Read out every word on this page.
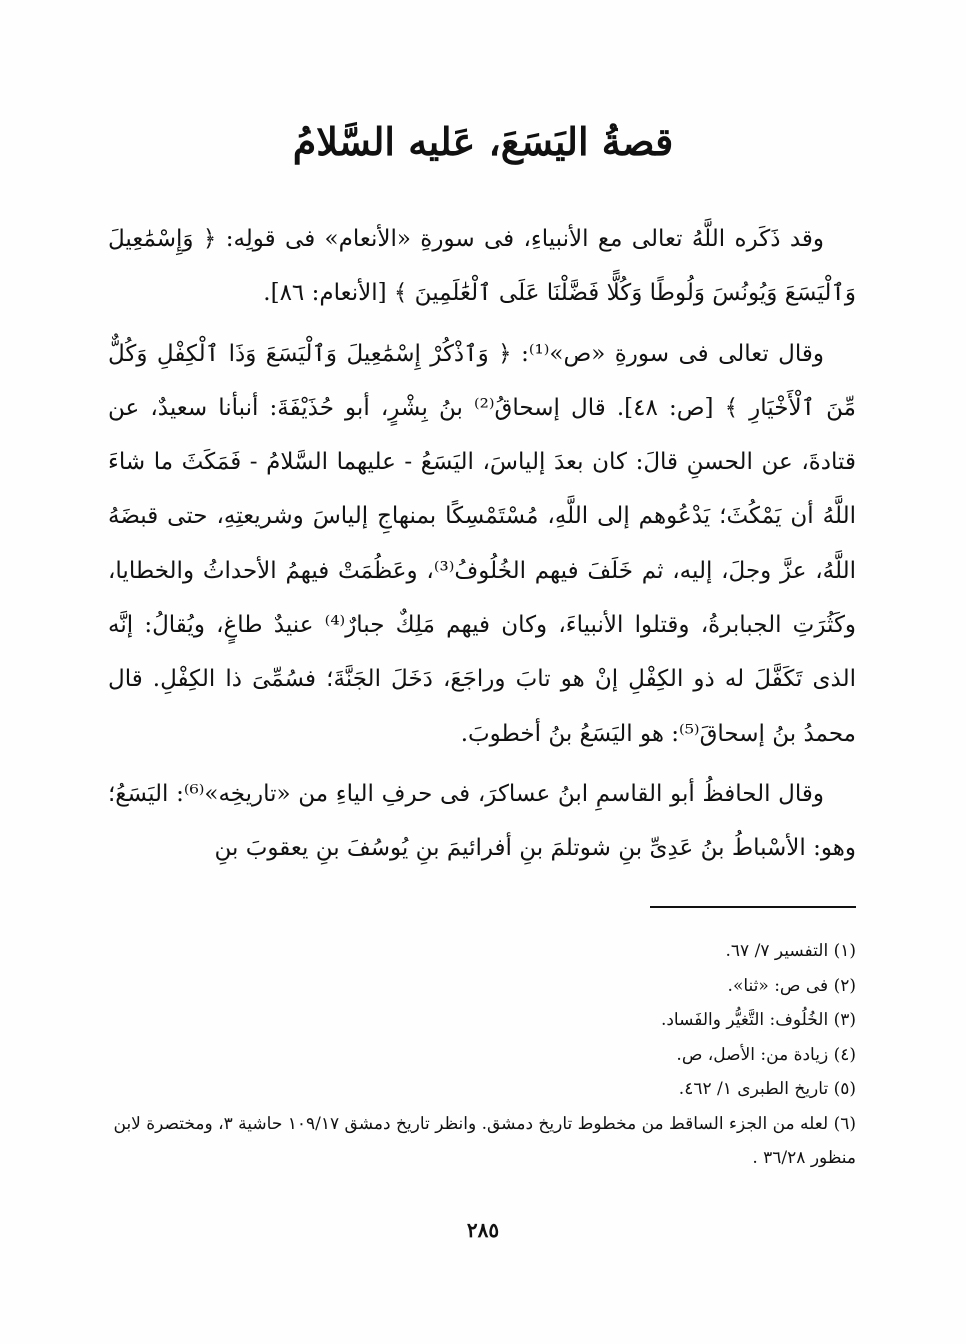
قصةُ اليَسَعَ، عَليه السَّلامُ

وقد ذَكَره اللَّهُ تعالى مع الأنبياءِ، فى سورةِ «الأنعام» فى قولِه: ﴿ وَإِسْمَٰعِيلَ وَٱلْيَسَعَ وَيُونُسَ وَلُوطًا وَكُلًّا فَضَّلْنَا عَلَى ٱلْعَٰلَمِينَ ﴾ [الأنعام: ٨٦].

وقال تعالى فى سورةِ «ص»⁽¹⁾: ﴿ وَٱذْكُرْ إِسْمَٰعِيلَ وَٱلْيَسَعَ وَذَا ٱلْكِفْلِ وَكُلٌّ مِّنَ ٱلْأَخْيَارِ ﴾ [ص: ٤٨]. قال إسحاقُ⁽²⁾ بنُ بِشْرٍ، أبو حُذَيْفَةَ: أنبأنا سعيدٌ، عن قتادةَ، عن الحسنِ قالَ: كان بعدَ إلياسَ، اليَسَعُ - عليهما السَّلامُ - فَمَكَثَ ما شاءَ اللَّهُ أن يَمْكُثَ؛ يَدْعُوهم إلى اللَّهِ، مُسْتَمْسِكًا بمنهاجِ إلياسَ وشريعتِهِ، حتى قبضَهُ اللَّهُ، عزَّ وجلَ، إليه، ثم خَلَفَ فيهم الخُلُوفُ⁽³⁾، وعَظُمَتْ فيهمُ الأحداثُ والخطايا، وكَثُرَتِ الجبابرةُ، وقتلوا الأنبياءَ، وكان فيهم مَلِكٌ جبارٌ⁽⁴⁾ عنيدٌ طاغٍ، ويُقالُ: إنَّه الذى تَكَفَّلَ له ذو الكِفْلِ إنْ هو تابَ وراجَعَ، دَخَلَ الجَنَّةَ؛ فسُمِّىَ ذا الكِفْلِ. قال محمدُ بنُ إسحاقَ⁽⁵⁾: هو اليَسَعُ بنُ أخطوبَ.

وقال الحافظُ أبو القاسمِ ابنُ عساكرَ، فى حرفِ الياءِ من «تاريخِه»⁽⁶⁾: اليَسَعُ؛ وهو: الأسْباطُ بنُ عَدِىِّ بنِ شوتلمَ بنِ أفرائيمَ بنِ يُوسُفَ بنِ يعقوبَ بنِ

(١) التفسير ٧/ ٦٧.
(٢) فى ص: «ثنا».
(٣) الخُلُوف: التَّغيُّر والفَساد.
(٤) زيادة من: الأصل، ص.
(٥) تاريخ الطبرى ١/ ٤٦٢.
(٦) لعله من الجزء الساقط من مخطوط تاريخ دمشق. وانظر تاريخ دمشق ١٠٩/١٧ حاشية ٣، ومختصرة لابن منظور ٣٦/٢٨ .
٢٨٥
